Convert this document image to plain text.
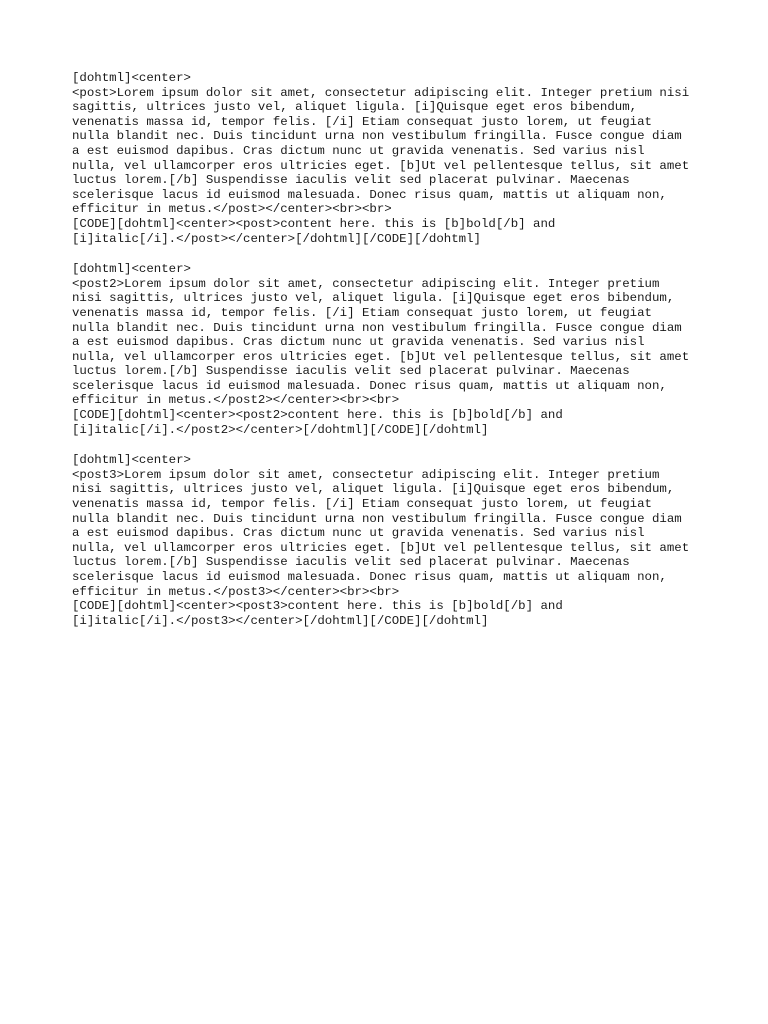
[dohtml]<center>
<post>Lorem ipsum dolor sit amet, consectetur adipiscing elit. Integer pretium nisi
sagittis, ultrices justo vel, aliquet ligula. [i]Quisque eget eros bibendum,
venenatis massa id, tempor felis. [/i] Etiam consequat justo lorem, ut feugiat
nulla blandit nec. Duis tincidunt urna non vestibulum fringilla. Fusce congue diam
a est euismod dapibus. Cras dictum nunc ut gravida venenatis. Sed varius nisl
nulla, vel ullamcorper eros ultricies eget. [b]Ut vel pellentesque tellus, sit amet
luctus lorem.[/b] Suspendisse iaculis velit sed placerat pulvinar. Maecenas
scelerisque lacus id euismod malesuada. Donec risus quam, mattis ut aliquam non,
efficitur in metus.</post></center><br><br>
[CODE][dohtml]<center><post>content here. this is [b]bold[/b] and
[i]italic[/i].</post></center>[/dohtml][/CODE][/dohtml]
[dohtml]<center>
<post2>Lorem ipsum dolor sit amet, consectetur adipiscing elit. Integer pretium
nisi sagittis, ultrices justo vel, aliquet ligula. [i]Quisque eget eros bibendum,
venenatis massa id, tempor felis. [/i] Etiam consequat justo lorem, ut feugiat
nulla blandit nec. Duis tincidunt urna non vestibulum fringilla. Fusce congue diam
a est euismod dapibus. Cras dictum nunc ut gravida venenatis. Sed varius nisl
nulla, vel ullamcorper eros ultricies eget. [b]Ut vel pellentesque tellus, sit amet
luctus lorem.[/b] Suspendisse iaculis velit sed placerat pulvinar. Maecenas
scelerisque lacus id euismod malesuada. Donec risus quam, mattis ut aliquam non,
efficitur in metus.</post2></center><br><br>
[CODE][dohtml]<center><post2>content here. this is [b]bold[/b] and
[i]italic[/i].</post2></center>[/dohtml][/CODE][/dohtml]
[dohtml]<center>
<post3>Lorem ipsum dolor sit amet, consectetur adipiscing elit. Integer pretium
nisi sagittis, ultrices justo vel, aliquet ligula. [i]Quisque eget eros bibendum,
venenatis massa id, tempor felis. [/i] Etiam consequat justo lorem, ut feugiat
nulla blandit nec. Duis tincidunt urna non vestibulum fringilla. Fusce congue diam
a est euismod dapibus. Cras dictum nunc ut gravida venenatis. Sed varius nisl
nulla, vel ullamcorper eros ultricies eget. [b]Ut vel pellentesque tellus, sit amet
luctus lorem.[/b] Suspendisse iaculis velit sed placerat pulvinar. Maecenas
scelerisque lacus id euismod malesuada. Donec risus quam, mattis ut aliquam non,
efficitur in metus.</post3></center><br><br>
[CODE][dohtml]<center><post3>content here. this is [b]bold[/b] and
[i]italic[/i].</post3></center>[/dohtml][/CODE][/dohtml]
